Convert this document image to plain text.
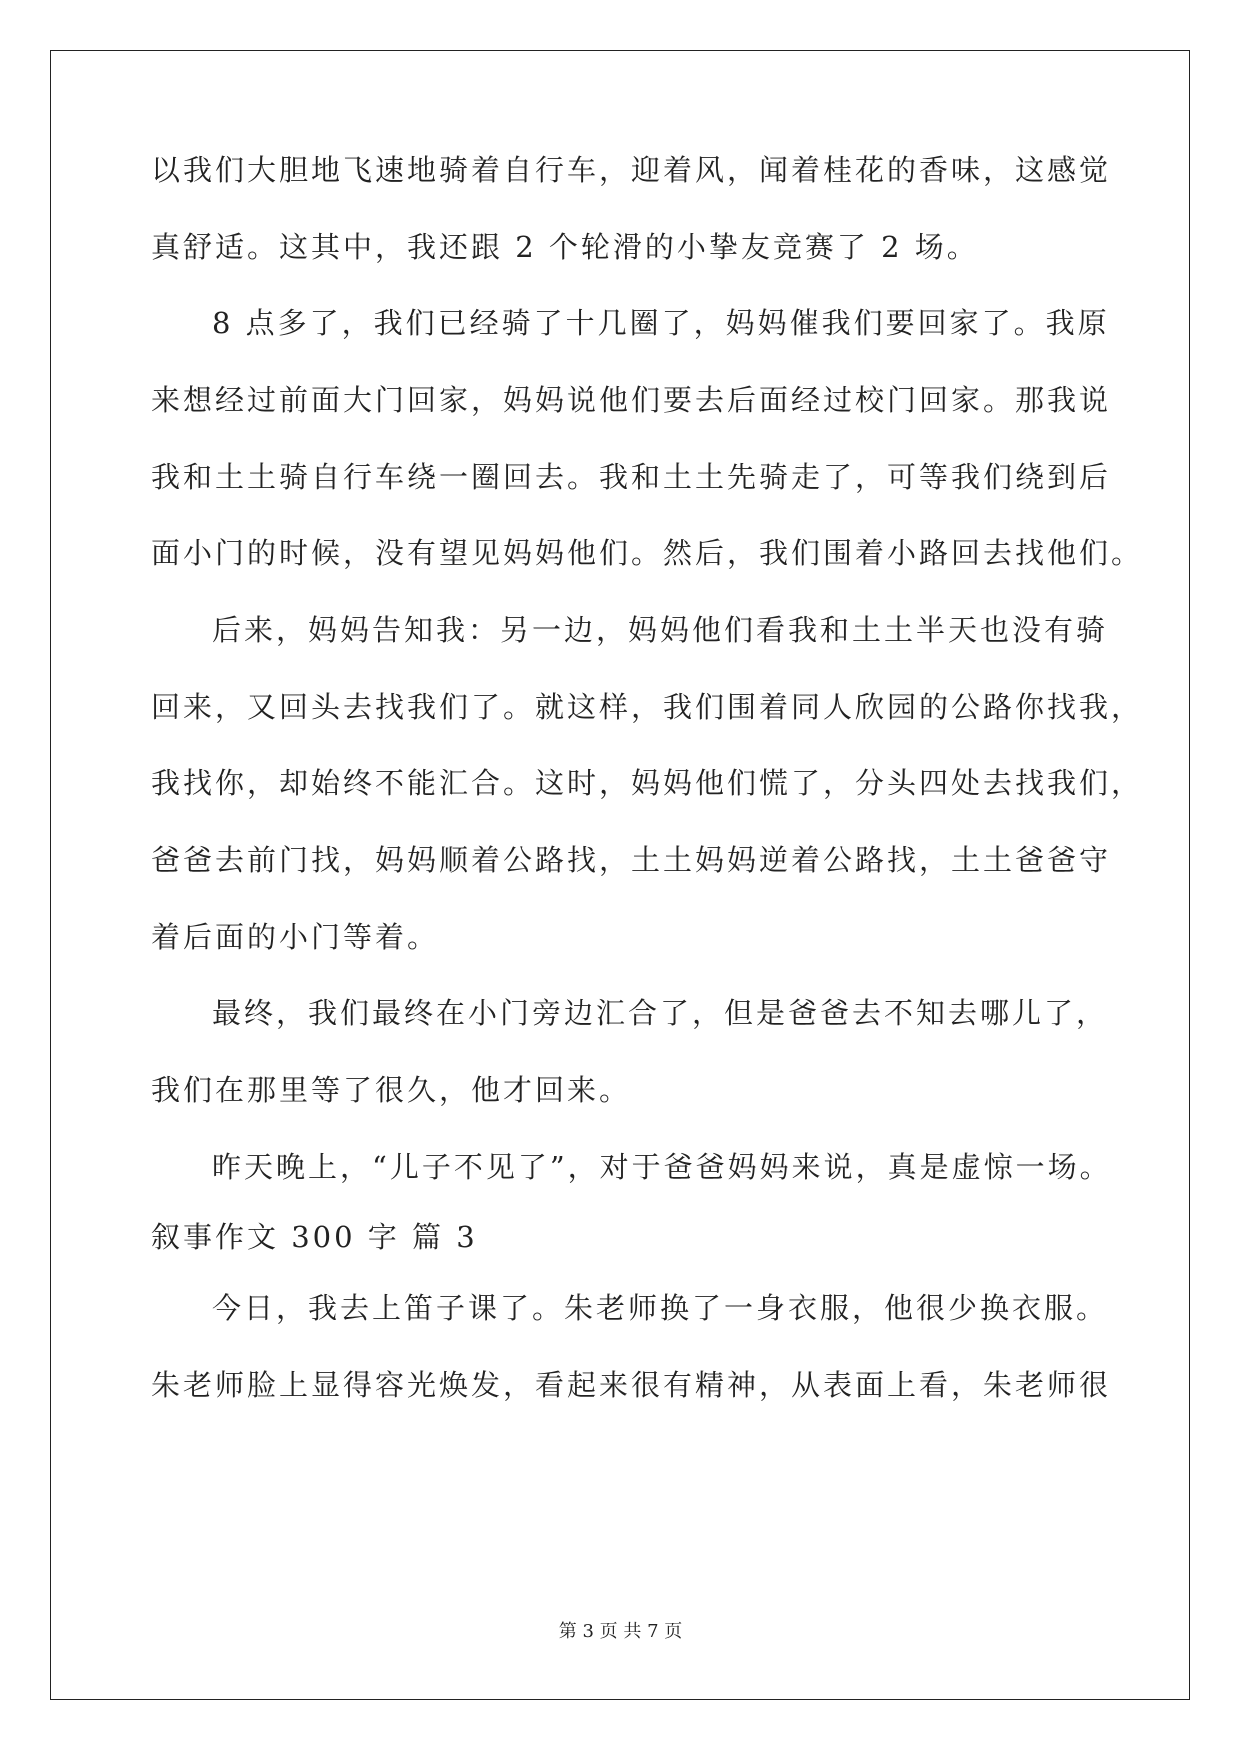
以我们大胆地飞速地骑着自行车，迎着风，闻着桂花的香味，这感觉
真舒适。这其中，我还跟 2 个轮滑的小挚友竞赛了 2 场。
8 点多了，我们已经骑了十几圈了，妈妈催我们要回家了。我原
来想经过前面大门回家，妈妈说他们要去后面经过校门回家。那我说
我和土土骑自行车绕一圈回去。我和土土先骑走了，可等我们绕到后
面小门的时候，没有望见妈妈他们。然后，我们围着小路回去找他们。
后来，妈妈告知我：另一边，妈妈他们看我和土土半天也没有骑
回来，又回头去找我们了。就这样，我们围着同人欣园的公路你找我，
我找你，却始终不能汇合。这时，妈妈他们慌了，分头四处去找我们，
爸爸去前门找，妈妈顺着公路找，土土妈妈逆着公路找，土土爸爸守
着后面的小门等着。
最终，我们最终在小门旁边汇合了，但是爸爸去不知去哪儿了，
我们在那里等了很久，他才回来。
昨天晚上，“儿子不见了”，对于爸爸妈妈来说，真是虚惊一场。
叙事作文 300 字 篇 3
今日，我去上笛子课了。朱老师换了一身衣服，他很少换衣服。
朱老师脸上显得容光焕发，看起来很有精神，从表面上看，朱老师很
第 3 页 共 7 页
